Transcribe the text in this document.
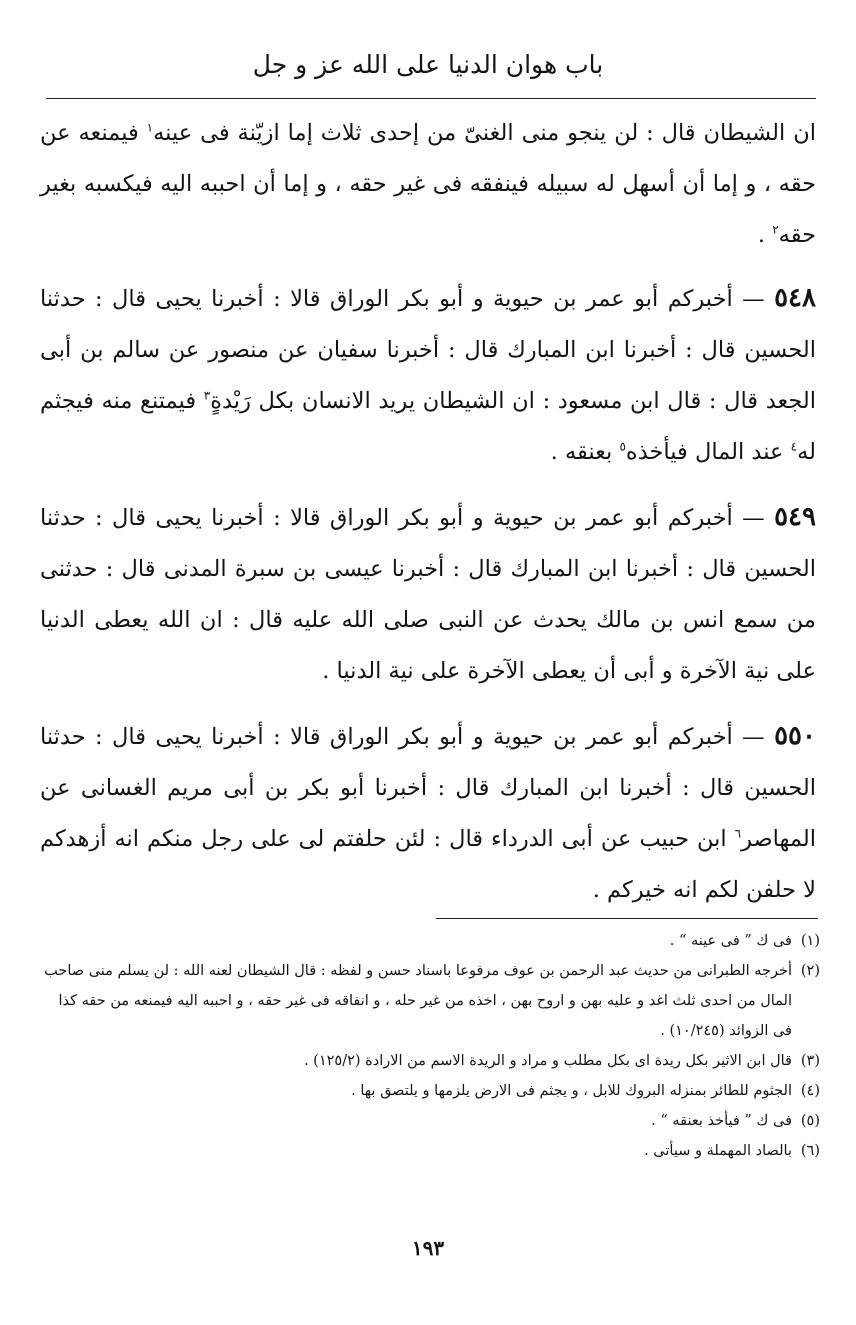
باب هوان الدنيا على الله عز و جل

ان الشيطان قال : لن ينجو منى الغنىّ من إحدى ثلاث إما ازيّنة فى عينه$^١$ فيمنعه عن حقه ، و إما أن أسهل له سبيله فينفقه فى غير حقه ، و إما أن احببه اليه فيكسبه بغير حقه$^٢$ .

٥٤٨ — أخبركم أبو عمر بن حيوية و أبو بكر الوراق قالا : أخبرنا يحيى قال : حدثنا الحسين قال : أخبرنا ابن المبارك قال : أخبرنا سفيان عن منصور عن سالم بن أبى الجعد قال : قال ابن مسعود : ان الشيطان يريد الانسان بكل رَيْدةٍ$^٣$ فيمتنع منه فيجثم له$^٤$ عند المال فيأخذه$^٥$ بعنقه .

٥٤٩ — أخبركم أبو عمر بن حيوية و أبو بكر الوراق قالا : أخبرنا يحيى قال : حدثنا الحسين قال : أخبرنا ابن المبارك قال : أخبرنا عيسى بن سبرة المدنى قال : حدثنى من سمع انس بن مالك يحدث عن النبى صلى الله عليه قال : ان الله يعطى الدنيا على نية الآخرة و أبى أن يعطى الآخرة على نية الدنيا .

٥٥٠ — أخبركم أبو عمر بن حيوية و أبو بكر الوراق قالا : أخبرنا يحيى قال : حدثنا الحسين قال : أخبرنا ابن المبارك قال : أخبرنا أبو بكر بن أبى مريم الغسانى عن المهاصر$^٦$ ابن حبيب عن أبى الدرداء قال : لئن حلفتم لى على رجل منكم انه أزهدكم لا حلفن لكم انه خيركم .

(١)
فى ك ” فى عينه “ .
(٢)
أخرجه الطبرانى من حديث عبد الرحمن بن عوف مرفوعا باسناد حسن و لفظه : قال الشيطان لعنه الله : لن يسلم منى صاحب المال من احدى ثلث اغد و عليه بهن و اروح بهن ، اخذه من غير حله ، و انفاقه فى غير حقه ، و احببه اليه فيمنعه من حقه كذا فى الزوائد (١٠/٢٤٥) .
(٣)
قال ابن الاثير بكل ريدة اى بكل مطلب و مراد و الريدة الاسم من الارادة (١٢٥/٢) .
(٤)
الجثوم للطائر بمنزله البروك للابل ، و يجثم فى الارض يلزمها و يلتصق بها .
(٥)
فى ك ” فيأخذ بعنقه “ .
(٦)
بالصاد المهملة و سيأتى .
١٩٣
